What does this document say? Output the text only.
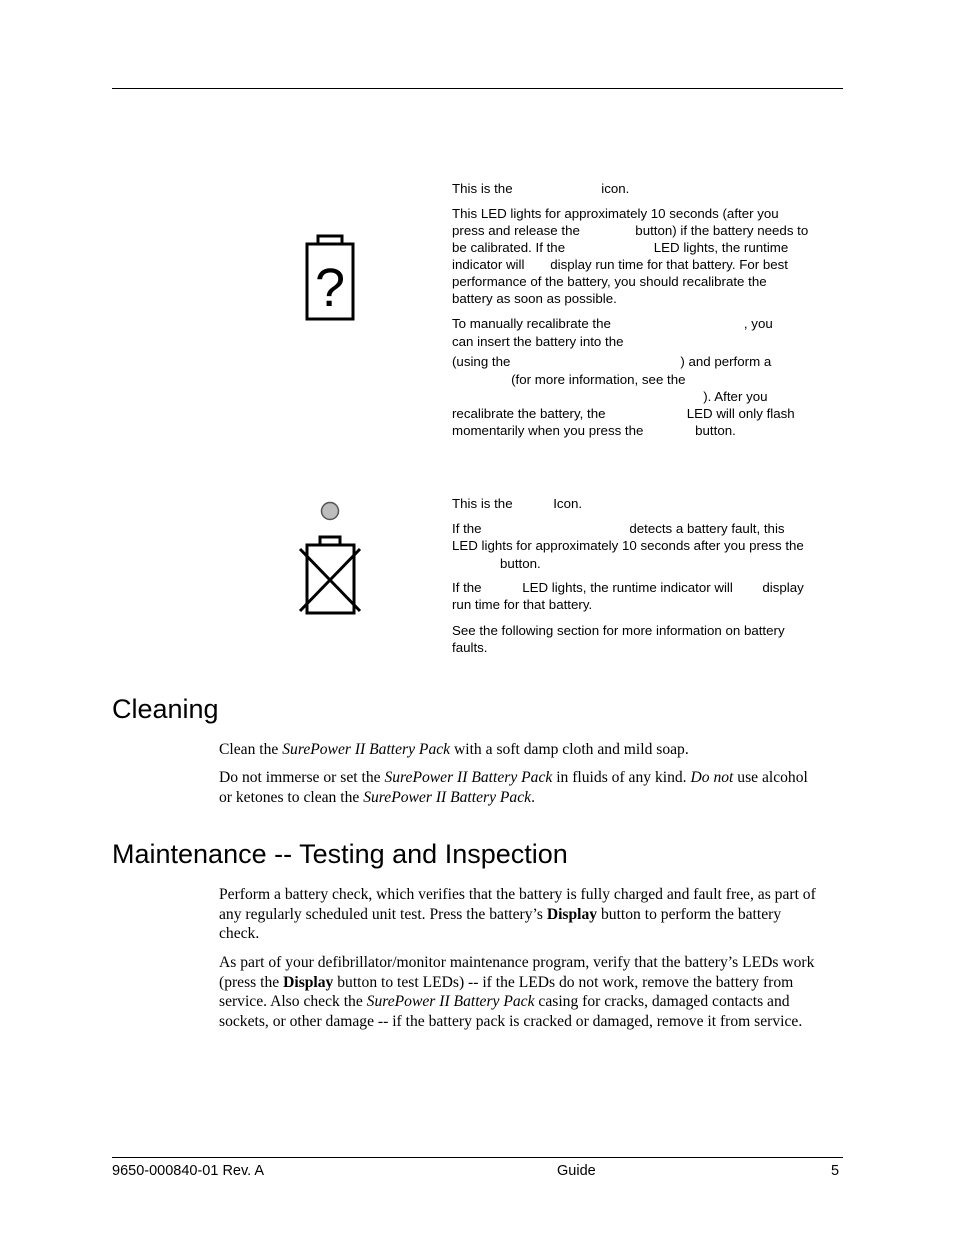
?
This is the                        icon.
This LED lights for approximately 10 seconds (after you
press and release the               button) if the battery needs to
be calibrated. If the                        LED lights, the runtime
indicator will       display run time for that battery. For best
performance of the battery, you should recalibrate the
battery as soon as possible.
To manually recalibrate the                                    , you
can insert the battery into the
(using the                                              ) and perform a
(for more information, see the
). After you
recalibrate the battery, the                      LED will only flash
momentarily when you press the              button.
This is the           Icon.
If the                                        detects a battery fault, this
LED lights for approximately 10 seconds after you press the
button.
If the           LED lights, the runtime indicator will        display
run time for that battery.
See the following section for more information on battery
faults.
Cleaning
Clean the SurePower II Battery Pack with a soft damp cloth and mild soap.
Do not immerse or set the SurePower II Battery Pack in fluids of any kind. Do not use alcohol
or ketones to clean the SurePower II Battery Pack.
Maintenance -- Testing and Inspection
Perform a battery check, which verifies that the battery is fully charged and fault free, as part of
any regularly scheduled unit test. Press the battery’s Display button to perform the battery
check.
As part of your defibrillator/monitor maintenance program, verify that the battery’s LEDs work
(press the Display button to test LEDs) -- if the LEDs do not work, remove the battery from
service. Also check the SurePower II Battery Pack casing for cracks, damaged contacts and
sockets, or other damage -- if the battery pack is cracked or damaged, remove it from service.
9650-000840-01 Rev. A	Guide	5
